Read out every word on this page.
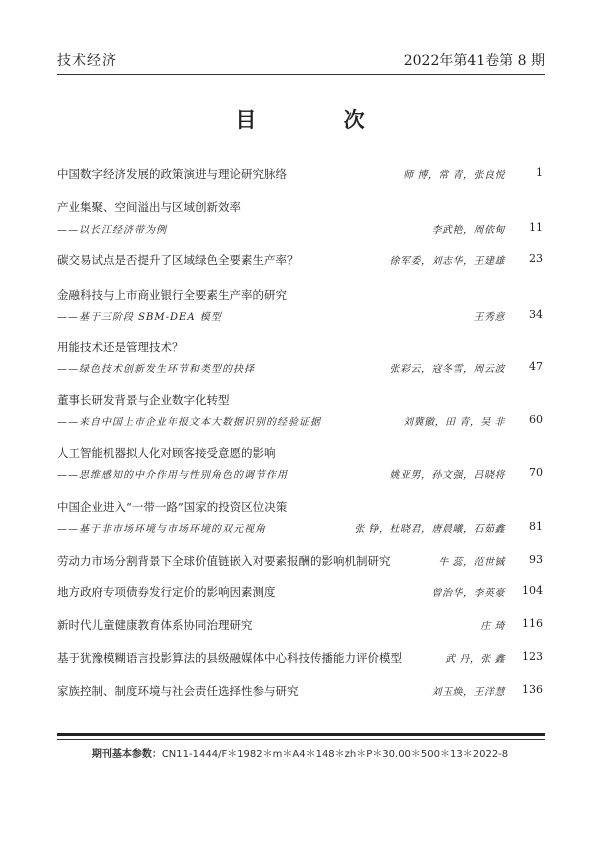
技术经济	2022年第41卷第 8 期
目 次
中国数字经济发展的政策演进与理论研究脉络	师 博，常 青，张良悦	1
产业集聚、空间溢出与区域创新效率
——以长江经济带为例	李武艳，周依甸 11
碳交易试点是否提升了区域绿色全要素生产率？	徐军委，刘志华，王建雄 23
金融科技与上市商业银行全要素生产率的研究
——基于三阶段 SBM-DEA 模型	王秀意 34
用能技术还是管理技术？
——绿色技术创新发生环节和类型的抉择	张彩云，寇冬雪，周云波 47
董事长研发背景与企业数字化转型
——来自中国上市企业年报文本大数据识别的经验证据	刘冀徽，田 青，吴 非 60
人工智能机器拟人化对顾客接受意愿的影响
——思维感知的中介作用与性别角色的调节作用	姚亚男，孙文强，吕晓将 70
中国企业进入“一带一路”国家的投资区位决策
——基于非市场环境与市场环境的双元视角	张 铮，杜晓君，唐晨曦，石茹鑫 81
劳动力市场分割背景下全球价值链嵌入对要素报酬的影响机制研究	牛 蕊，范世铖 93
地方政府专项债券发行定价的影响因素测度	曾治华，李英豪 104
新时代儿童健康教育体系协同治理研究	庄 琦 116
基于犹豫模糊语言投影算法的县级融媒体中心科技传播能力评价模型	武 丹，张 鑫 123
家族控制、制度环境与社会责任选择性参与研究	刘玉焕，王洋慧 136
期刊基本参数：CN11-1444/F＊1982＊m＊A4＊148＊zh＊P＊30.00＊500＊13＊2022-8
